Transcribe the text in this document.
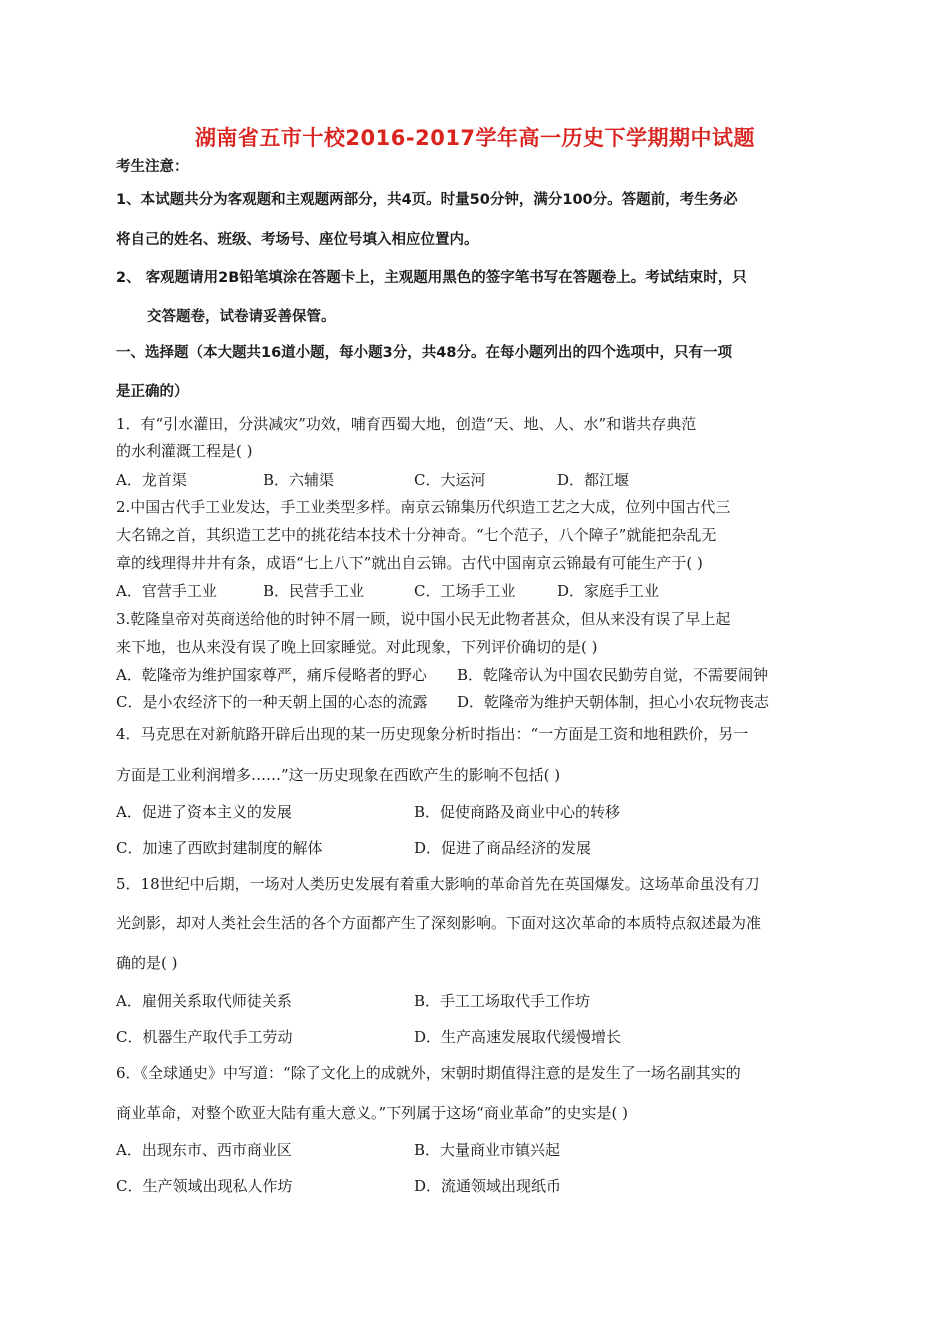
湖南省五市十校2016-2017学年高一历史下学期期中试题
考生注意：
1、本试题共分为客观题和主观题两部分，共4页。时量50分钟，满分100分。答题前，考生务必
将自己的姓名、班级、考场号、座位号填入相应位置内。
2、 客观题请用2B铅笔填涂在答题卡上，主观题用黑色的签字笔书写在答题卷上。考试结束时，只
交答题卷，试卷请妥善保管。
一、选择题（本大题共16道小题，每小题3分，共48分。在每小题列出的四个选项中，只有一项
是正确的）
1．有“引水灌田，分洪减灾”功效，哺育西蜀大地，创造“天、地、人、水”和谐共存典范
的水利灌溉工程是( )
A．龙首渠	B．六辅渠	C．大运河	D．都江堰
2.中国古代手工业发达，手工业类型多样。南京云锦集历代织造工艺之大成，位列中国古代三
大名锦之首，其织造工艺中的挑花结本技术十分神奇。“七个范子，八个障子”就能把杂乱无
章的线理得井井有条，成语“七上八下”就出自云锦。古代中国南京云锦最有可能生产于( )
A．官营手工业	B．民营手工业	C．工场手工业	D．家庭手工业
3.乾隆皇帝对英商送给他的时钟不屑一顾，说中国小民无此物者甚众，但从来没有误了早上起
来下地，也从来没有误了晚上回家睡觉。对此现象，下列评价确切的是( )
A．乾隆帝为维护国家尊严，痛斥侵略者的野心 B．乾隆帝认为中国农民勤劳自觉，不需要闹钟
C．是小农经济下的一种天朝上国的心态的流露 D．乾隆帝为维护天朝体制，担心小农玩物丧志
4．马克思在对新航路开辟后出现的某一历史现象分析时指出：“一方面是工资和地租跌价，另一
方面是工业利润增多……”这一历史现象在西欧产生的影响不包括( )
A．促进了资本主义的发展	B．促使商路及商业中心的转移
C．加速了西欧封建制度的解体	D．促进了商品经济的发展
5．18世纪中后期，一场对人类历史发展有着重大影响的革命首先在英国爆发。这场革命虽没有刀
光剑影，却对人类社会生活的各个方面都产生了深刻影响。下面对这次革命的本质特点叙述最为准
确的是( )
A．雇佣关系取代师徒关系	B．手工工场取代手工作坊
C．机器生产取代手工劳动	D．生产高速发展取代缓慢增长
6．《全球通史》中写道：“除了文化上的成就外，宋朝时期值得注意的是发生了一场名副其实的
商业革命，对整个欧亚大陆有重大意义。”下列属于这场“商业革命”的史实是( )
A．出现东市、西市商业区	B．大量商业市镇兴起
C．生产领域出现私人作坊	D．流通领域出现纸币
